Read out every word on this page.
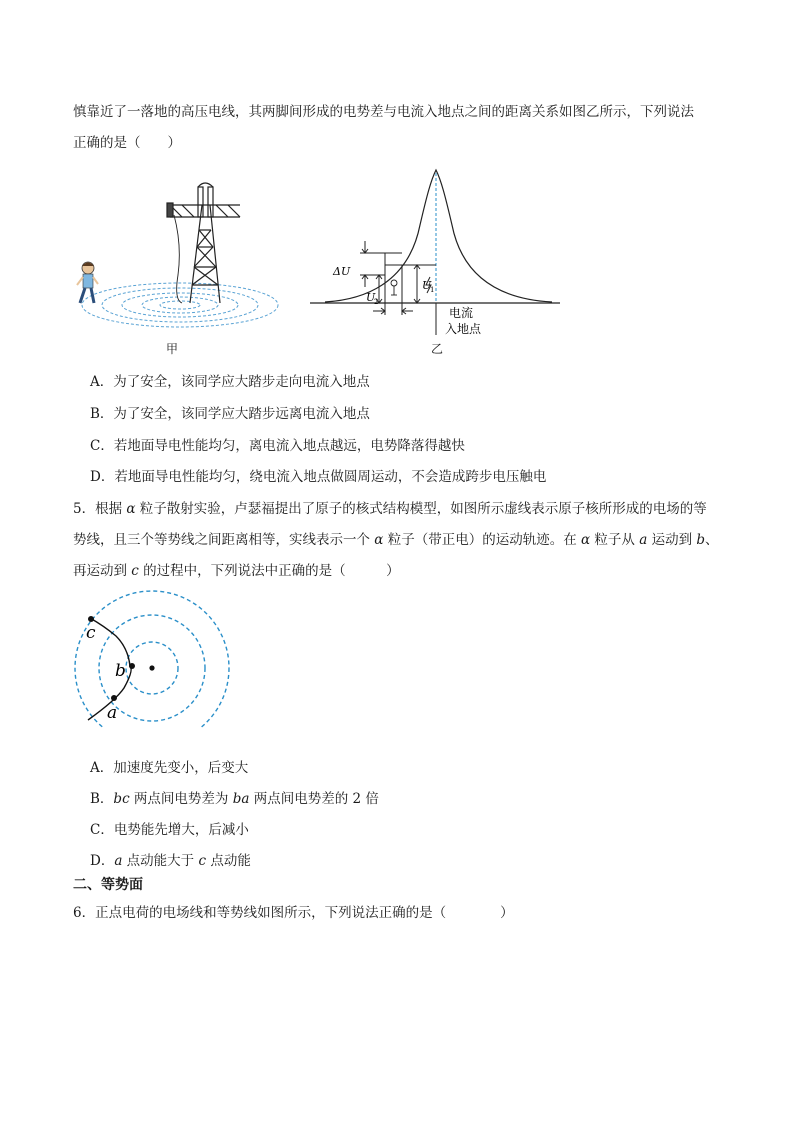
慎靠近了一落地的高压电线，其两脚间形成的电势差与电流入地点之间的距离关系如图乙所示，下列说法
正确的是（　　）
甲
ΔU
U
1
U
2
电流
入地点
乙
A．为了安全，该同学应大踏步走向电流入地点
B．为了安全，该同学应大踏步远离电流入地点
C．若地面导电性能均匀，离电流入地点越远，电势降落得越快
D．若地面导电性能均匀，绕电流入地点做圆周运动，不会造成跨步电压触电
5．根据 α 粒子散射实验，卢瑟福提出了原子的核式结构模型，如图所示虚线表示原子核所形成的电场的等
势线，且三个等势线之间距离相等，实线表示一个 α 粒子（带正电）的运动轨迹。在 α 粒子从 a 运动到 b、
再运动到 c 的过程中，下列说法中正确的是（　　　）
c
b
a
A．加速度先变小，后变大
B．bc 两点间电势差为 ba 两点间电势差的 2 倍
C．电势能先增大，后减小
D．a 点动能大于 c 点动能
二、等势面
6．正点电荷的电场线和等势线如图所示，下列说法正确的是（　　　　）
